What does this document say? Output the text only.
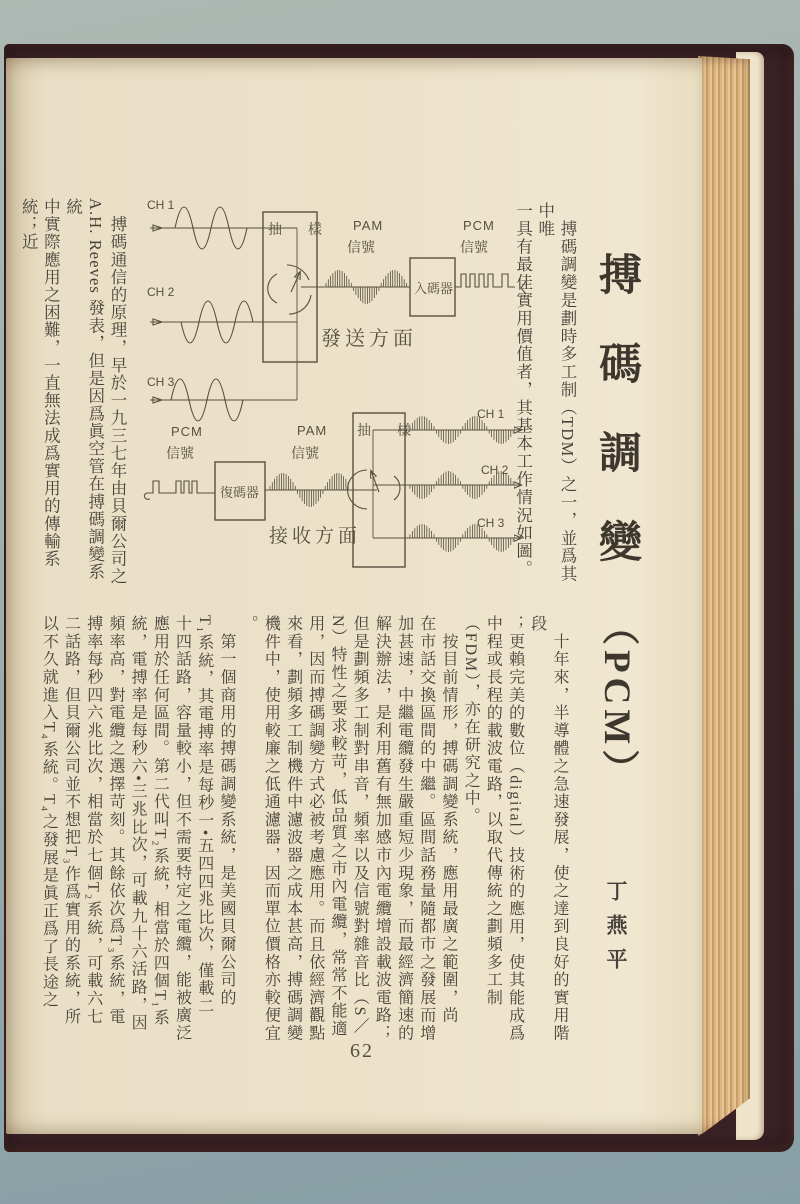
搏碼調變（PCM）
丁燕平
　搏碼調變是劃時多工制（TDM）之一，並爲其中唯
一具有最佳實用價值者，其基本工作情況如圖。
　搏碼通信的原理，早於一九三七年由貝爾公司之
A.H. Reeves 發表，但是因爲眞空管在搏碼調變系統
中實際應用之困難，一直無法成爲實用的傳輸系統；近
　十年來，半導體之急速發展，使之達到良好的實用階段
；更賴完美的數位（digital）技術的應用，使其能成爲
中程或長程的載波電路，以取代傳統之劃頻多工制
（FDM），亦在研究之中。
　按目前情形，搏碼調變系統，應用最廣之範圍，尚
在市話交換區間的中繼。區間話務量隨都市之發展而增
加甚速，中繼電纜發生嚴重短少現象，而最經濟簡速的
解決辦法，是利用舊有無加感市內電纜增設載波電路；
但是劃頻多工制對串音，頻率以及信號對雜音比（S／
N）特性之要求較苛，低品質之市內電纜，常常不能適
用，因而搏碼調變方式必被考慮應用。而且依經濟觀點
來看，劃頻多工制機件中濾波器之成本甚高，搏碼調變
機件中，使用較廉之低通濾器，因而單位價格亦較便宜
。
　第一個商用的搏碼調變系統，是美國貝爾公司的
T₁系統，其電搏率是每秒一•五四四兆比次，僅載二
十四話路，容量較小，但不需要特定之電纜，能被廣泛
應用於任何區間。第二代叫T₂系統，相當於四個T₁系
統，電搏率是每秒六•三兆比次，可載九十六活路，因
頻率高，對電纜之選擇苛刻。其餘依次爲T₃系統，電
搏率每秒四六兆比次，相當於七個T₂系統，可載六七
二話路，但貝爾公司並不想把T₃作爲實用的系統，所
以不久就進入T₄系統。T₄之發展是眞正爲了長途之
CH 1
CH 2
CH 3
抽　樣 PAM
信號
入碼器
PCM
信號
發送方面
PCM
信號
復碼器
PAM
信號
抽　樣
CH 1
CH 2
CH 3
接收方面
62
